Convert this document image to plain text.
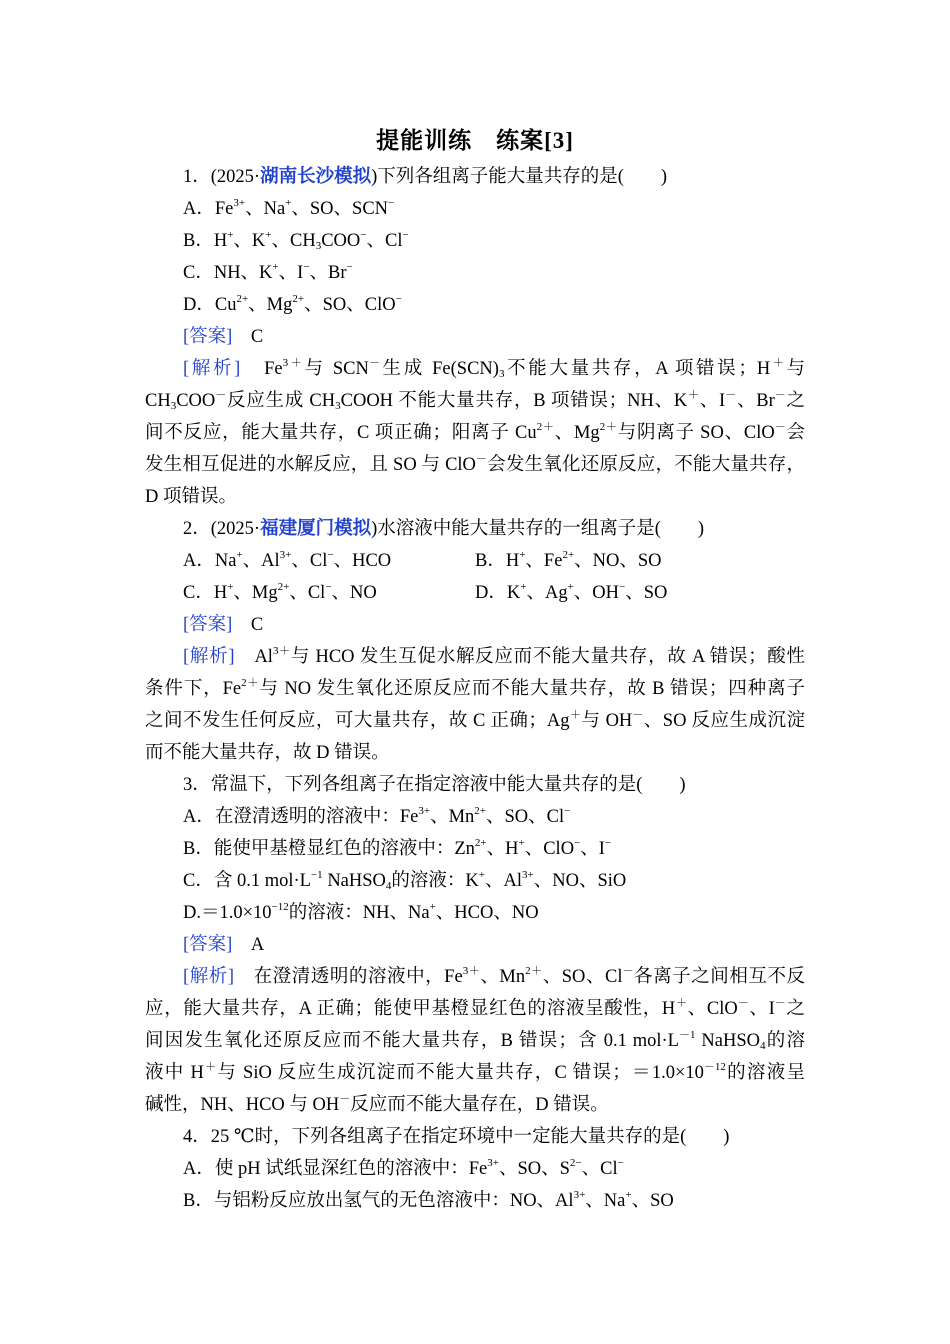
提能训练　练案[3]
1．(2025·湖南长沙模拟)下列各组离子能大量共存的是(　　)
A．$Fe^{3+}$、Na+、SO、SCN−
B．H+、K+、$CH_3COO^-$、Cl−
C．NH、K+、I−、Br−
D．$Cu^{2+}$、$Mg^{2+}$、SO、ClO−
[答案]　 C
[解析]　 $Fe^{3+}$与 SCN－生成 $Fe(SCN)_3$不能大量共存，A 项错误；H＋与
$CH_3COO^-$反应生成 $CH_3COOH$ 不能大量共存，B 项错误；NH、K＋、I－、Br－之
间不反应，能大量共存，C 项正确；阳离子 $Cu^{2+}$、$Mg^{2+}$与阴离子 SO、ClO－会
发生相互促进的水解反应，且 SO 与 ClO－会发生氧化还原反应，不能大量共存，
D 项错误。
2．(2025·福建厦门模拟)水溶液中能大量共存的一组离子是(　　)
A．Na+、$Al^{3+}$、Cl−、HCO	B．H+、$Fe^{2+}$、NO、SO
C．H+、$Mg^{2+}$、Cl−、NO	D．K+、Ag+、OH−、SO
[答案]　 C
[解析]　 $Al^{3+}$与 HCO 发生互促水解反应而不能大量共存，故 A 错误；酸性
条件下，$Fe^{2+}$与 NO 发生氧化还原反应而不能大量共存，故 B 错误；四种离子
之间不发生任何反应，可大量共存，故 C 正确；Ag＋与 OH－、SO 反应生成沉淀
而不能大量共存，故 D 错误。
3．常温下，下列各组离子在指定溶液中能大量共存的是(　　)
A．在澄清透明的溶液中：$Fe^{3+}$、$Mn^{2+}$、SO、Cl−
B．能使甲基橙显红色的溶液中：$Zn^{2+}$、H+、ClO−、I−
C．含 0.1 $mol\cdot L^{-1}$ NaHSO$_4$的溶液：K+、$Al^{3+}$、NO、SiO
$D.=1.0\times 10^{-12}$的溶液：NH、Na+、HCO、NO
[答案]　 A
[解析]　 在澄清透明的溶液中，$Fe^{3+}$、$Mn^{2+}$、SO、Cl－各离子之间相互不反
应，能大量共存，A 正确；能使甲基橙显红色的溶液呈酸性，H＋、ClO－、I－之
间因发生氧化还原反应而不能大量共存，B 错误；含 0.1 $mol\cdot L^{-1}$ NaHSO$_4$的溶
液中 H＋与 SiO 反应生成沉淀而不能大量共存，C 错误；$=1.0\times 10^{-12}$的溶液呈
碱性，NH、HCO 与 OH－反应而不能大量存在，D 错误。
4．25 ℃时，下列各组离子在指定环境中一定能大量共存的是(　　)
A．使 pH 试纸显深红色的溶液中：$Fe^{3+}$、SO、$S^{2-}$、Cl−
B．与铝粉反应放出氢气的无色溶液中：NO、$Al^{3+}$、Na+、SO
